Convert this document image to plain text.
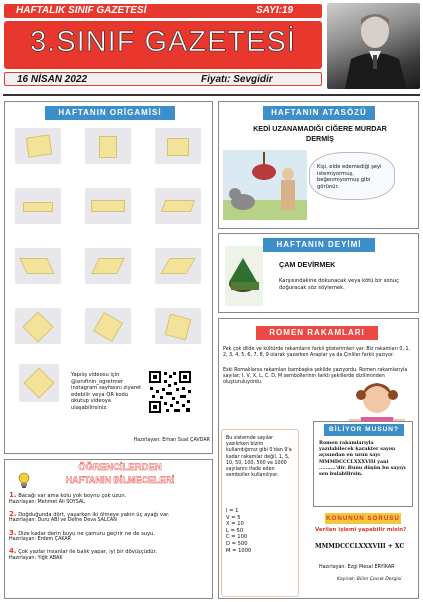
HAFTALIK SINIF GAZETESİ	SAYI:19
3.SINIF GAZETESİ
16 NİSAN 2022	Fiyatı: Sevgidir
HAFTANIN ORİGAMİSİ
Yapılış videosu için @sınıfinin_ogretmer instagram sayfasını ziyaret edebilir veya QR kodu okutup videoya ulaşabilirsiniz.
Hazırlayan: Erhan Suat ÇAVDAR
HAFTANIN ATASÖZÜ
KEDİ UZANAMADIĞI CİĞERE MURDAR DERMİŞ
Kişi, elde edemediği şeyi istemiyormuş, beğenmiyormuş gibi görünür.
HAFTANIN DEYİMİ
ÇAM DEVİRMEK
Karşısındakine dokunacak veya kötü bir sonuç doğuracak söz söylemek.
ROMEN RAKAMLARI
Pek çok dilde ve kültürde rakamların farklı gösterimleri var. Biz rakamları 0, 1, 2, 3, 4, 5, 6, 7, 8, 9 olarak yazarken Araplar ya da Çinliler farklı yazıyor.
Eski Romalılarsa rakamları bambaşka şekilde yazıyordu. Romen rakamlarıyla sayılar; I, V, X, L, C, D, M sembollerinin farklı şekillerde diziliminden oluşturuluyordu.
Bu sistemde sayılar yazılırken bizim kullandığımız gibi 0'dan 9'a kadar rakamlar değil, 1, 5, 10, 50, 100, 500 ve 1000 sayılarını ifade eden semboller kullanılıyor.
I = 1
V = 5
X = 10
L = 50
C = 100
D = 500
M = 1000
BİLİYOR MUSUN?
Romen rakamlarıyla yazılabilecek karakter sayısı açısından en uzun sayı MMMDCCCLXXXVIII yani ..........'dir. Bunu düşün bu sayıyı sen bulabilirsin.
KONUNUN SORUSU
Verilen işlemi yapabilir misin?
MMMDCCCLXXXVIII + XC
Hazırlayan: Ezgi Mesal ERYİKAR
Kaynak: Bilim Çocuk Dergisi
ÖĞRENCİLERDEN
HAFTANIN BİLMECELERİ
1. Bacağı var ama kolu yok boynu çok uzun.
Hazırlayan: Mehmet Ali SOYSAL
2. Doğduğunda dört, yaşarken iki ölmeye yakın üç ayağı var.
Hazırlayan: Duru ABİ ve Defne Deva SALCAN
3. Dize kadar derin buyu ne çamuru geçirir ne de suyu.
Hazırlayan: Erdem ÇAKAR
4. Çok yazlar insanlar ile balık yapar, iyi bir dövüşçüdür.
Hazırlayan: Yiğit ABAK
